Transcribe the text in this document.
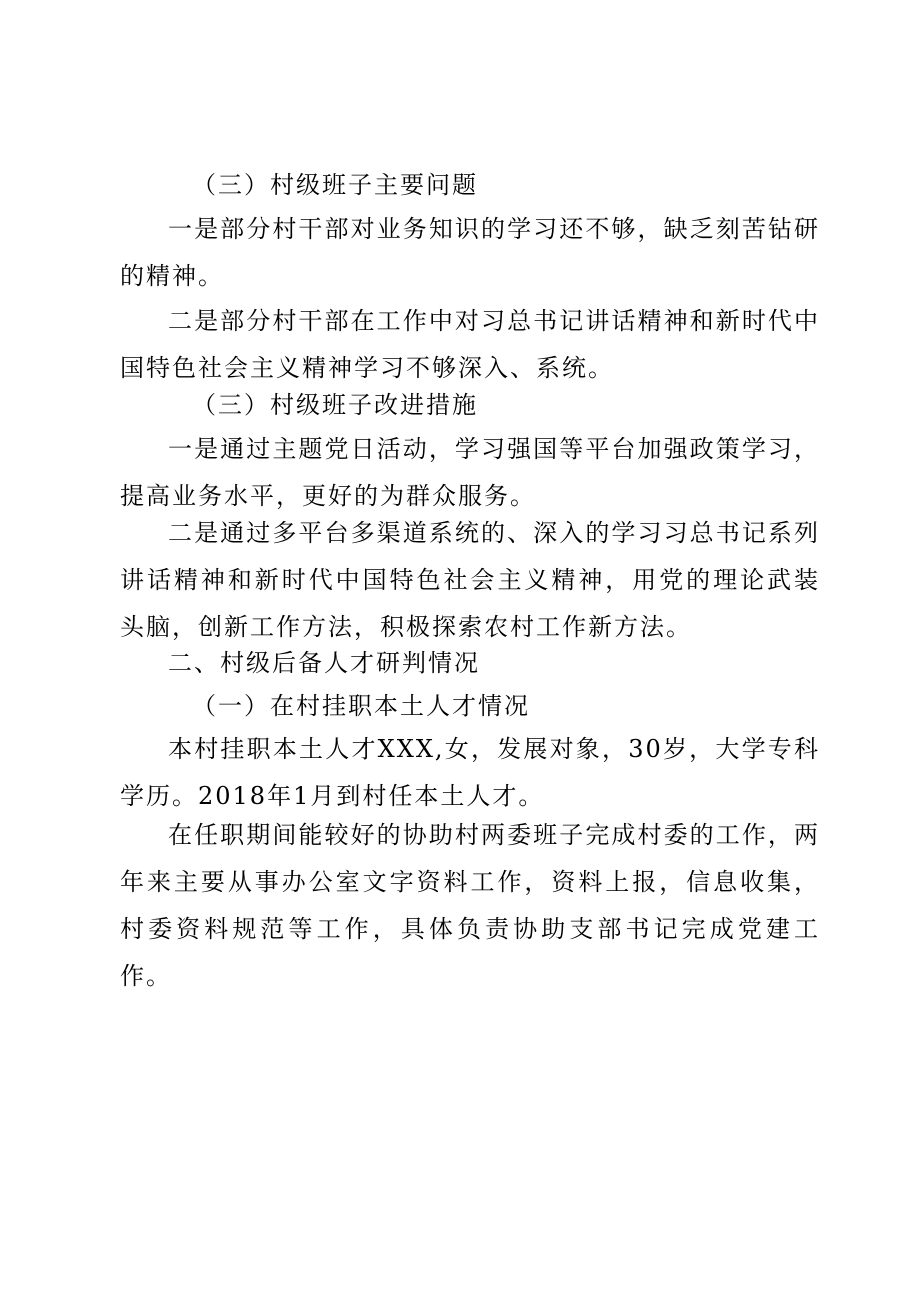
（三）村级班子主要问题

一是部分村干部对业务知识的学习还不够，缺乏刻苦钻研的精神。

二是部分村干部在工作中对习总书记讲话精神和新时代中国特色社会主义精神学习不够深入、系统。

（三）村级班子改进措施

一是通过主题党日活动，学习强国等平台加强政策学习，提高业务水平，更好的为群众服务。

二是通过多平台多渠道系统的、深入的学习习总书记系列讲话精神和新时代中国特色社会主义精神，用党的理论武装头脑，创新工作方法，积极探索农村工作新方法。

二、村级后备人才研判情况

（一）在村挂职本土人才情况

本村挂职本土人才XXX,女，发展对象，30岁，大学专科学历。2018年1月到村任本土人才。

在任职期间能较好的协助村两委班子完成村委的工作，两年来主要从事办公室文字资料工作，资料上报，信息收集，村委资料规范等工作，具体负责协助支部书记完成党建工作。
